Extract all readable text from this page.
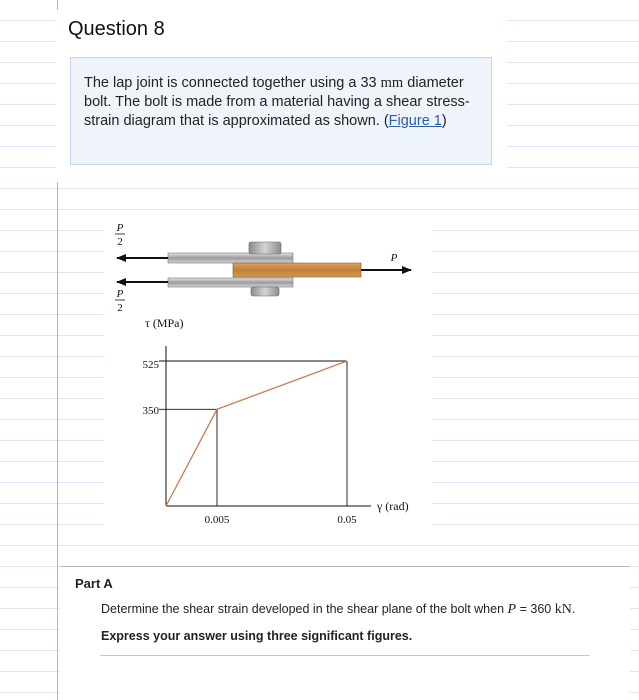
Question 8
The lap joint is connected together using a 33 mm diameter bolt. The bolt is made from a material having a shear stress-strain diagram that is approximated as shown. (Figure 1)
P
2
P
2
P
τ (MPa)
γ (rad)
525
350
0.005	0.05
Part A
Determine the shear strain developed in the shear plane of the bolt when P = 360 kN.
Express your answer using three significant figures.
